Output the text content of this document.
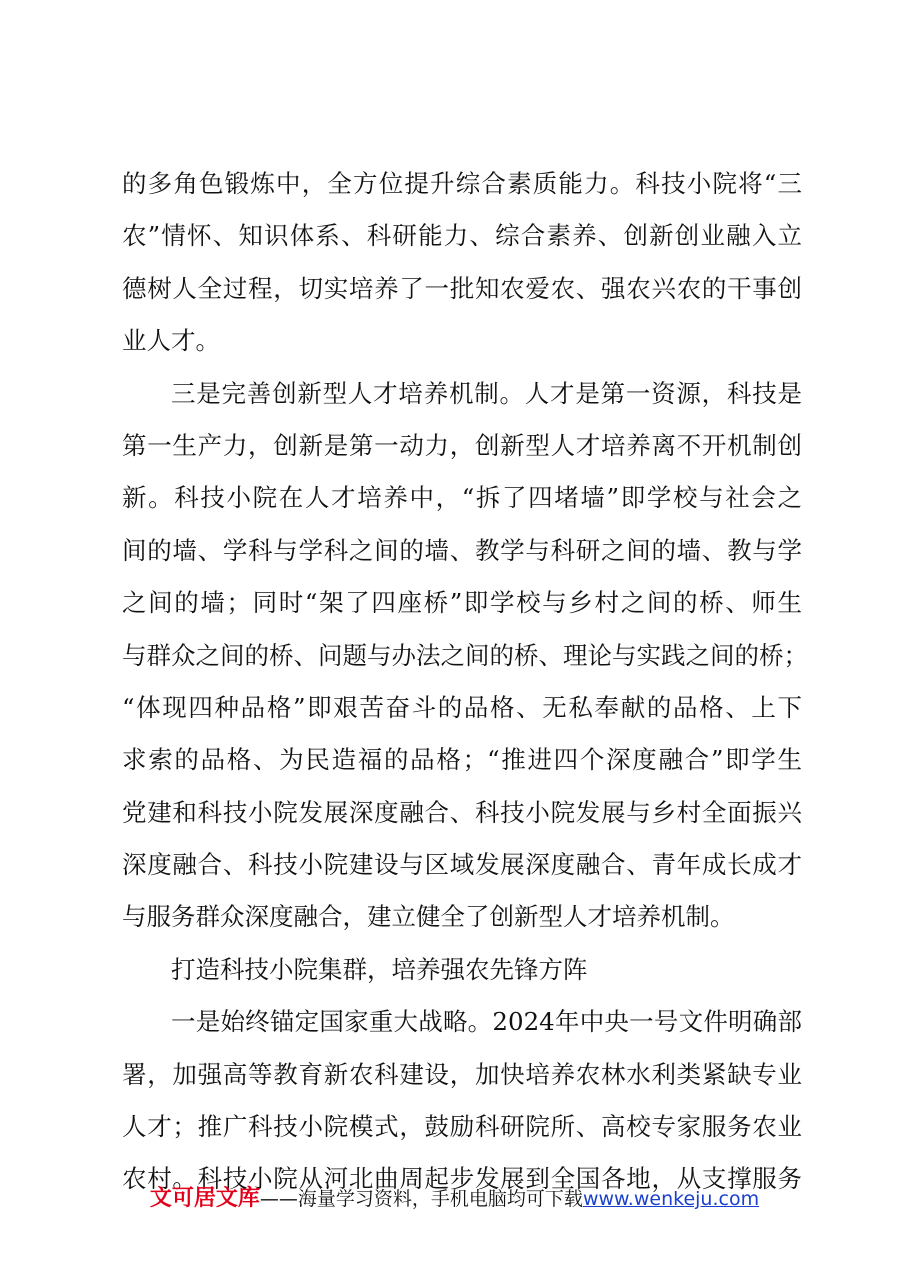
的多角色锻炼中，全方位提升综合素质能力。科技小院将“三
农”情怀、知识体系、科研能力、综合素养、创新创业融入立
德树人全过程，切实培养了一批知农爱农、强农兴农的干事创
业人才。
三是完善创新型人才培养机制。人才是第一资源，科技是
第一生产力，创新是第一动力，创新型人才培养离不开机制创
新。科技小院在人才培养中，“拆了四堵墙”即学校与社会之
间的墙、学科与学科之间的墙、教学与科研之间的墙、教与学
之间的墙；同时“架了四座桥”即学校与乡村之间的桥、师生
与群众之间的桥、问题与办法之间的桥、理论与实践之间的桥；
“体现四种品格”即艰苦奋斗的品格、无私奉献的品格、上下
求索的品格、为民造福的品格；“推进四个深度融合”即学生
党建和科技小院发展深度融合、科技小院发展与乡村全面振兴
深度融合、科技小院建设与区域发展深度融合、青年成长成才
与服务群众深度融合，建立健全了创新型人才培养机制。
打造科技小院集群，培养强农先锋方阵
一是始终锚定国家重大战略。2024年中央一号文件明确部
署，加强高等教育新农科建设，加快培养农林水利类紧缺专业
人才；推广科技小院模式，鼓励科研院所、高校专家服务农业
农村。科技小院从河北曲周起步发展到全国各地，从支撑服务
文可居文库——海量学习资料，手机电脑均可下载www.wenkeju.com
